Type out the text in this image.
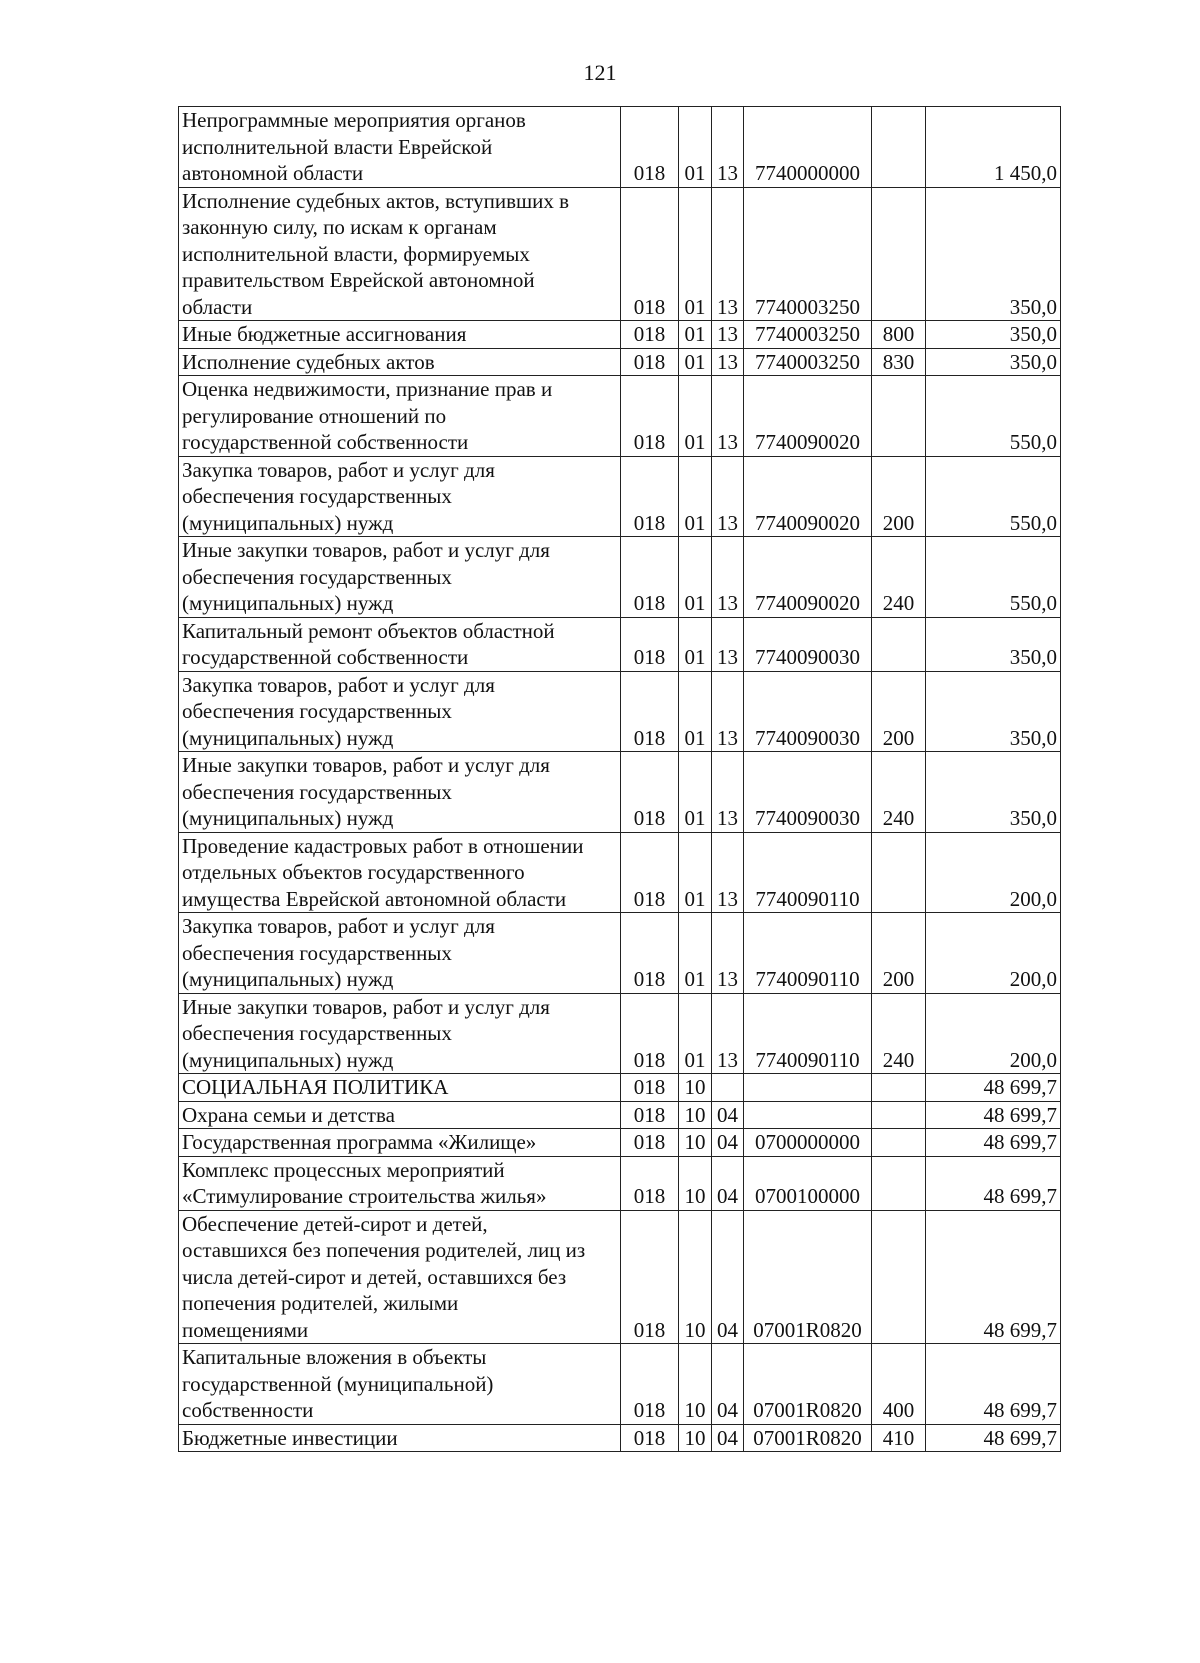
121
Непрограммные мероприятия органов
исполнительной власти Еврейской
автономной области	018	01	13	7740000000		1 450,0
Исполнение судебных актов, вступивших в
законную силу, по искам к органам
исполнительной власти, формируемых
правительством Еврейской автономной
области	018	01	13	7740003250		350,0
Иные бюджетные ассигнования	018	01	13	7740003250	800	350,0
Исполнение судебных актов	018	01	13	7740003250	830	350,0
Оценка недвижимости, признание прав и
регулирование отношений по
государственной собственности	018	01	13	7740090020		550,0
Закупка товаров, работ и услуг для
обеспечения государственных
(муниципальных) нужд	018	01	13	7740090020	200	550,0
Иные закупки товаров, работ и услуг для
обеспечения государственных
(муниципальных) нужд	018	01	13	7740090020	240	550,0
Капитальный ремонт объектов областной
государственной собственности	018	01	13	7740090030		350,0
Закупка товаров, работ и услуг для
обеспечения государственных
(муниципальных) нужд	018	01	13	7740090030	200	350,0
Иные закупки товаров, работ и услуг для
обеспечения государственных
(муниципальных) нужд	018	01	13	7740090030	240	350,0
Проведение кадастровых работ в отношении
отдельных объектов государственного
имущества Еврейской автономной области	018	01	13	7740090110		200,0
Закупка товаров, работ и услуг для
обеспечения государственных
(муниципальных) нужд	018	01	13	7740090110	200	200,0
Иные закупки товаров, работ и услуг для
обеспечения государственных
(муниципальных) нужд	018	01	13	7740090110	240	200,0
СОЦИАЛЬНАЯ ПОЛИТИКА	018	10				48 699,7
Охрана семьи и детства	018	10	04			48 699,7
Государственная программа «Жилище»	018	10	04	0700000000		48 699,7
Комплекс процессных мероприятий
«Стимулирование строительства жилья»	018	10	04	0700100000		48 699,7
Обеспечение детей-сирот и детей,
оставшихся без попечения родителей, лиц из
числа детей-сирот и детей, оставшихся без
попечения родителей, жилыми
помещениями	018	10	04	07001R0820		48 699,7
Капитальные вложения в объекты
государственной (муниципальной)
собственности	018	10	04	07001R0820	400	48 699,7
Бюджетные инвестиции	018	10	04	07001R0820	410	48 699,7
